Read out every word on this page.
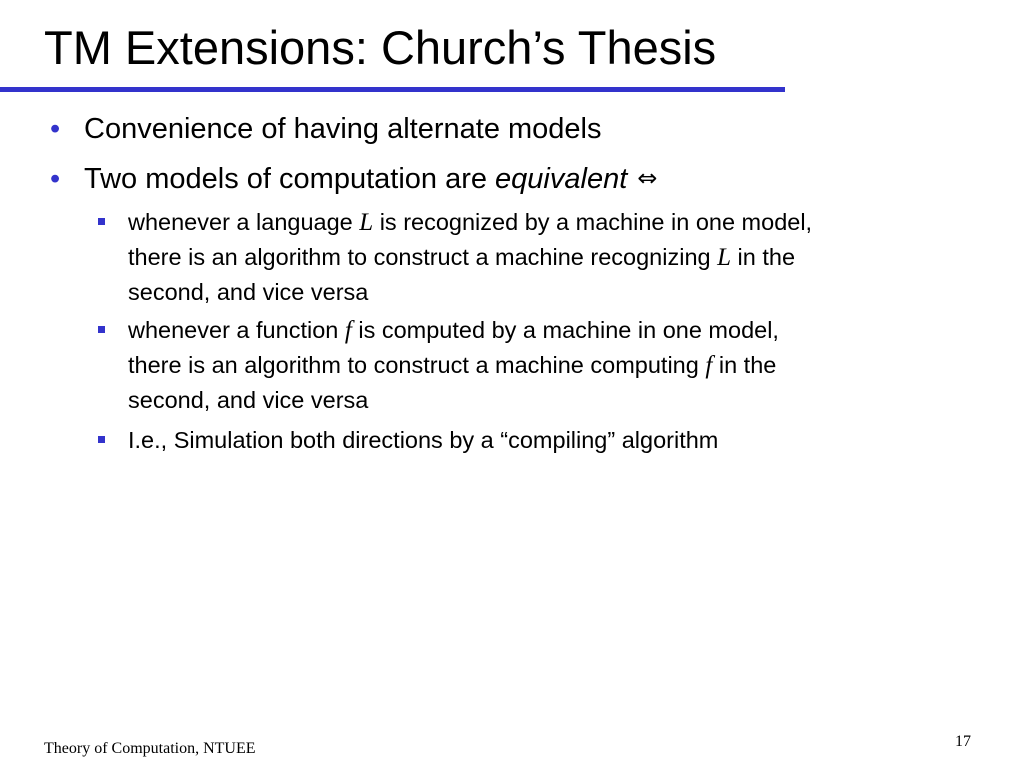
TM Extensions: Church’s Thesis
• Convenience of having alternate models
• Two models of computation are equivalent ⇔
whenever a language L is recognized by a machine in one model,
there is an algorithm to construct a machine recognizing L in the
second, and vice versa
whenever a function f is computed by a machine in one model,
there is an algorithm to construct a machine computing f in the
second, and vice versa
I.e., Simulation both directions by a “compiling” algorithm
Theory of Computation, NTUEE	17
